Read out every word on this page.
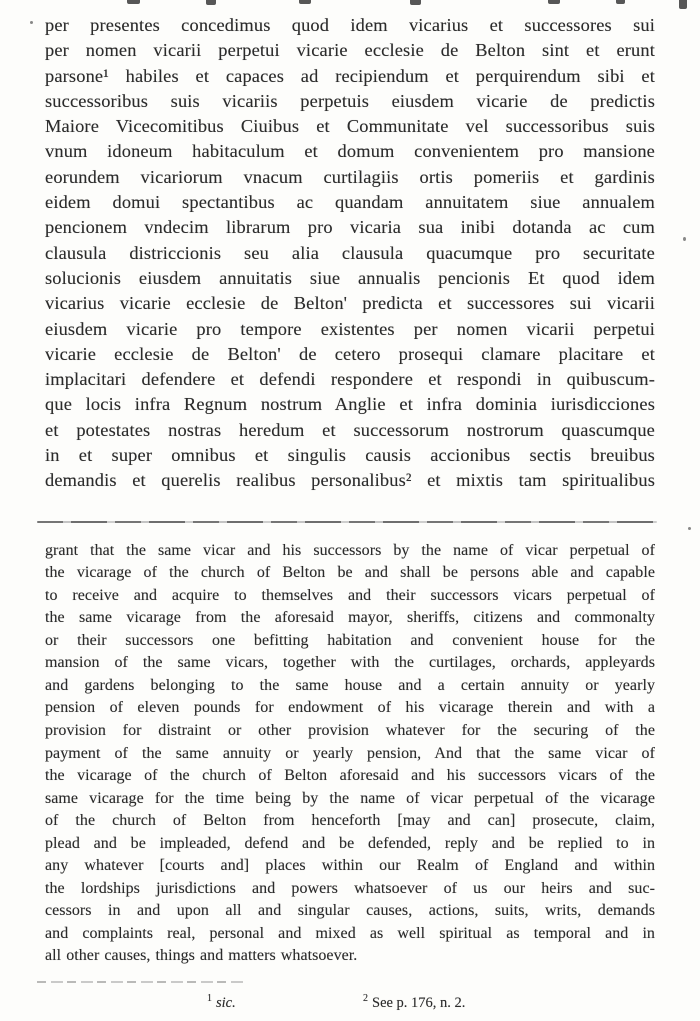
per presentes concedimus quod idem vicarius et successores sui
per nomen vicarii perpetui vicarie ecclesie de Belton sint et erunt
parsone¹ habiles et capaces ad recipiendum et perquirendum sibi et
successoribus suis vicariis perpetuis eiusdem vicarie de predictis
Maiore Vicecomitibus Ciuibus et Communitate vel successoribus suis
vnum idoneum habitaculum et domum convenientem pro mansione
eorundem vicariorum vnacum curtilagiis ortis pomeriis et gardinis
eidem domui spectantibus ac quandam annuitatem siue annualem
pencionem vndecim librarum pro vicaria sua inibi dotanda ac cum
clausula districcionis seu alia clausula quacumque pro securitate
solucionis eiusdem annuitatis siue annualis pencionis Et quod idem
vicarius vicarie ecclesie de Belton' predicta et successores sui vicarii
eiusdem vicarie pro tempore existentes per nomen vicarii perpetui
vicarie ecclesie de Belton' de cetero prosequi clamare placitare et
implacitari defendere et defendi respondere et respondi in quibuscum-
que locis infra Regnum nostrum Anglie et infra dominia iurisdicciones
et potestates nostras heredum et successorum nostrorum quascumque
in et super omnibus et singulis causis accionibus sectis breuibus
demandis et querelis realibus personalibus² et mixtis tam spiritualibus
grant that the same vicar and his successors by the name of vicar perpetual of
the vicarage of the church of Belton be and shall be persons able and capable
to receive and acquire to themselves and their successors vicars perpetual of
the same vicarage from the aforesaid mayor, sheriffs, citizens and commonalty
or their successors one befitting habitation and convenient house for the
mansion of the same vicars, together with the curtilages, orchards, appleyards
and gardens belonging to the same house and a certain annuity or yearly
pension of eleven pounds for endowment of his vicarage therein and with a
provision for distraint or other provision whatever for the securing of the
payment of the same annuity or yearly pension, And that the same vicar of
the vicarage of the church of Belton aforesaid and his successors vicars of the
same vicarage for the time being by the name of vicar perpetual of the vicarage
of the church of Belton from henceforth [may and can] prosecute, claim,
plead and be impleaded, defend and be defended, reply and be replied to in
any whatever [courts and] places within our Realm of England and within
the lordships jurisdictions and powers whatsoever of us our heirs and suc-
cessors in and upon all and singular causes, actions, suits, writs, demands
and complaints real, personal and mixed as well spiritual as temporal and in
all other causes, things and matters whatsoever.
$^1$ sic.	$^2$ See p. 176, n. 2.
